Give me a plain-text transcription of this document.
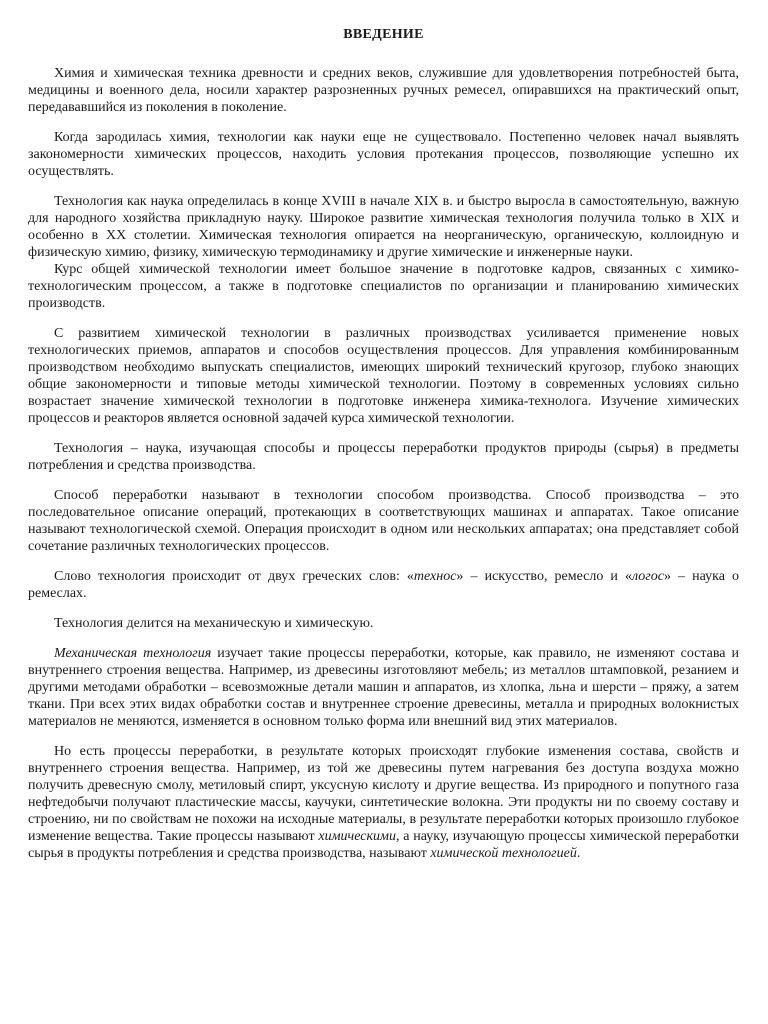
ВВЕДЕНИЕ

Химия и химическая техника древности и средних веков, служившие для удовлетворения потребностей быта, медицины и военного дела, носили характер разрозненных ручных ремесел, опиравшихся на практический опыт, передававшийся из поколения в поколение.

Когда зародилась химия, технологии как науки еще не существовало. Постепенно человек начал выявлять закономерности химических процессов, находить условия протекания процессов, позволяющие успешно их осуществлять.

Технология как наука определилась в конце XVIII в начале XIX в. и быстро выросла в самостоятельную, важную для народного хозяйства прикладную науку. Широкое развитие химическая технология получила только в XIX и особенно в XX столетии. Химическая технология опирается на неорганическую, органическую, коллоидную и физическую химию, физику, химическую термодинамику и другие химические и инженерные науки.

Курс общей химической технологии имеет большое значение в подготовке кадров, связанных с химико-технологическим процессом, а также в подготовке специалистов по организации и планированию химических производств.

С развитием химической технологии в различных производствах усиливается применение новых технологических приемов, аппаратов и способов осуществления процессов. Для управления комбинированным производством необходимо выпускать специалистов, имеющих широкий технический кругозор, глубоко знающих общие закономерности и типовые методы химической технологии. Поэтому в современных условиях сильно возрастает значение химической технологии в подготовке инженера химика-технолога. Изучение химических процессов и реакторов является основной задачей курса химической технологии.

Технология – наука, изучающая способы и процессы переработки продуктов природы (сырья) в предметы потребления и средства производства.

Способ переработки называют в технологии способом производства. Способ производства – это последовательное описание операций, протекающих в соответствующих машинах и аппаратах. Такое описание называют технологической схемой. Операция происходит в одном или нескольких аппаратах; она представляет собой сочетание различных технологических процессов.

Слово технология происходит от двух греческих слов: «технос» – искусство, ремесло и «логос» – наука о ремеслах.

Технология делится на механическую и химическую.

Механическая технология изучает такие процессы переработки, которые, как правило, не изменяют состава и внутреннего строения вещества. Например, из древесины изготовляют мебель; из металлов штамповкой, резанием и другими методами обработки – всевозможные детали машин и аппаратов, из хлопка, льна и шерсти – пряжу, а затем ткани. При всех этих видах обработки состав и внутреннее строение древесины, металла и природных волокнистых материалов не меняются, изменяется в основном только форма или внешний вид этих материалов.

Но есть процессы переработки, в результате которых происходят глубокие изменения состава, свойств и внутреннего строения вещества. Например, из той же древесины путем нагревания без доступа воздуха можно получить древесную смолу, метиловый спирт, уксусную кислоту и другие вещества. Из природного и попутного газа нефтедобычи получают пластические массы, каучуки, синтетические волокна. Эти продукты ни по своему составу и строению, ни по свойствам не похожи на исходные материалы, в результате переработки которых произошло глубокое изменение вещества. Такие процессы называют химическими, а науку, изучающую процессы химической переработки сырья в продукты потребления и средства производства, называют химической технологией.
